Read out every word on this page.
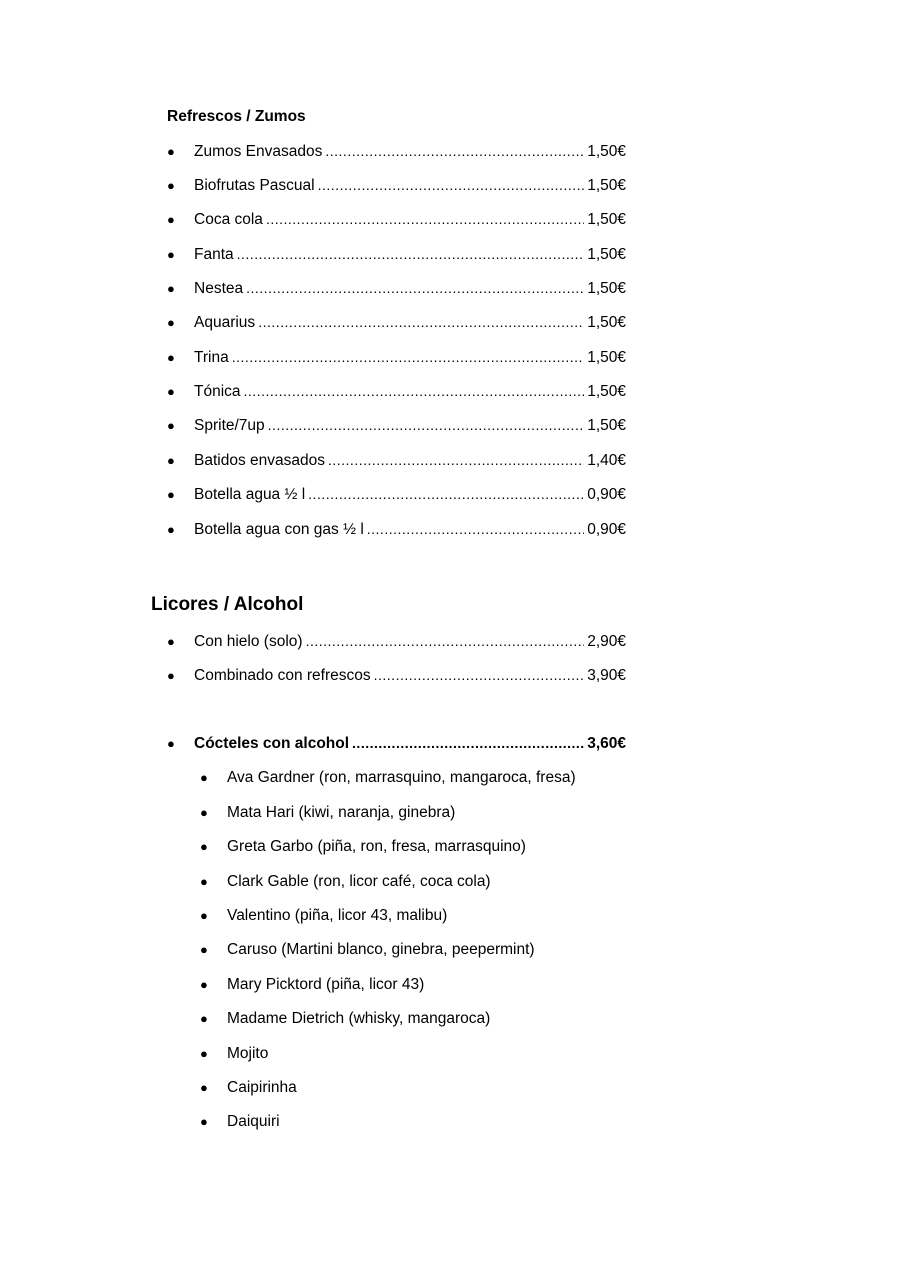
Refrescos / Zumos
●	Zumos Envasados .....	1,50€
●	Biofrutas Pascual .....	1,50€
●	Coca cola .....	1,50€
●	Fanta .....	1,50€
●	Nestea .....	1,50€
●	Aquarius .....	1,50€
●	Trina .....	1,50€
●	Tónica .....	1,50€
●	Sprite/7up .....	1,50€
●	Batidos envasados .....	1,40€
●	Botella agua ½ l .....	0,90€
●	Botella agua con gas ½ l .....	0,90€
Licores / Alcohol
●	Con hielo (solo) .....	2,90€
●	Combinado con refrescos .....	3,90€
●	Cócteles con alcohol .....	3,60€
●	Ava Gardner (ron, marrasquino, mangaroca, fresa)
●	Mata Hari (kiwi, naranja, ginebra)
●	Greta Garbo (piña, ron, fresa, marrasquino)
●	Clark Gable (ron, licor café, coca cola)
●	Valentino (piña, licor 43, malibu)
●	Caruso (Martini blanco, ginebra, peepermint)
●	Mary Picktord (piña, licor 43)
●	Madame Dietrich (whisky, mangaroca)
●	Mojito
●	Caipirinha
●	Daiquiri
